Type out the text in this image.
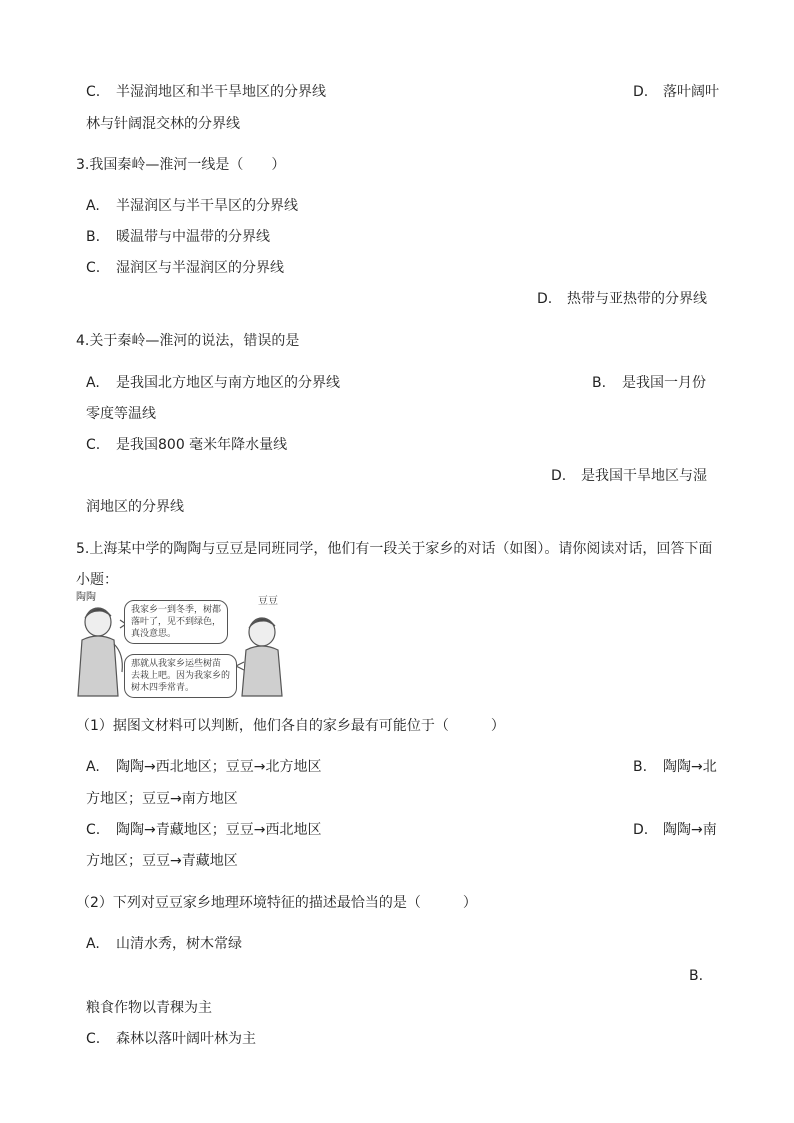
C. 半湿润地区和半干旱地区的分界线	D. 落叶阔叶
林与针阔混交林的分界线
3.我国秦岭—淮河一线是（　　）
A. 半湿润区与半干旱区的分界线
B. 暖温带与中温带的分界线
C. 湿润区与半湿润区的分界线
D. 热带与亚热带的分界线
4.关于秦岭—淮河的说法，错误的是
A. 是我国北方地区与南方地区的分界线	B. 是我国一月份
零度等温线
C. 是我国800 毫米年降水量线
D. 是我国干旱地区与湿
润地区的分界线
5.上海某中学的陶陶与豆豆是同班同学，他们有一段关于家乡的对话（如图）。请你阅读对话，回答下面
小题：
陶陶	豆豆
我家乡一到冬季，树都
落叶了，见不到绿色，
真没意思。
那就从我家乡运些树苗
去栽上吧。因为我家乡的
树木四季常青。
（1）据图文材料可以判断，他们各自的家乡最有可能位于（　　　）
A. 陶陶→西北地区；豆豆→北方地区	B. 陶陶→北
方地区；豆豆→南方地区
C. 陶陶→青藏地区；豆豆→西北地区	D. 陶陶→南
方地区；豆豆→青藏地区
（2）下列对豆豆家乡地理环境特征的描述最恰当的是（　　　）
A. 山清水秀，树木常绿
B.
粮食作物以青稞为主
C. 森林以落叶阔叶林为主
